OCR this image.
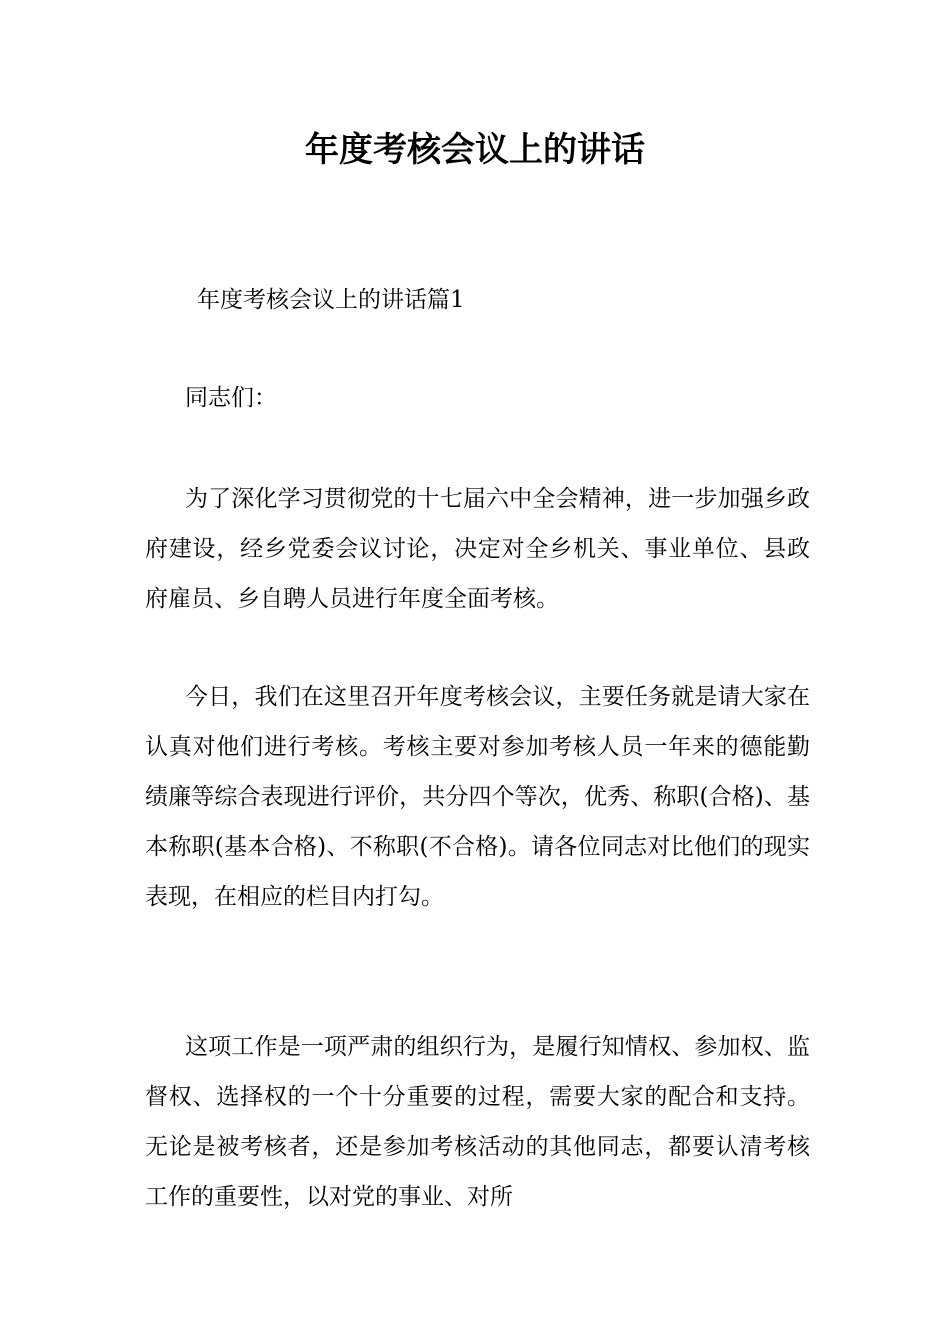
年度考核会议上的讲话
年度考核会议上的讲话篇1
同志们：

为了深化学习贯彻党的十七届六中全会精神，进一步加强乡政府建设，经乡党委会议讨论，决定对全乡机关、事业单位、县政府雇员、乡自聘人员进行年度全面考核。

今日，我们在这里召开年度考核会议，主要任务就是请大家在认真对他们进行考核。考核主要对参加考核人员一年来的德能勤绩廉等综合表现进行评价，共分四个等次，优秀、称职(合格)、基本称职(基本合格)、不称职(不合格)。请各位同志对比他们的现实表现，在相应的栏目内打勾。

这项工作是一项严肃的组织行为，是履行知情权、参加权、监督权、选择权的一个十分重要的过程，需要大家的配合和支持。无论是被考核者，还是参加考核活动的其他同志，都要认清考核工作的重要性，以对党的事业、对所
